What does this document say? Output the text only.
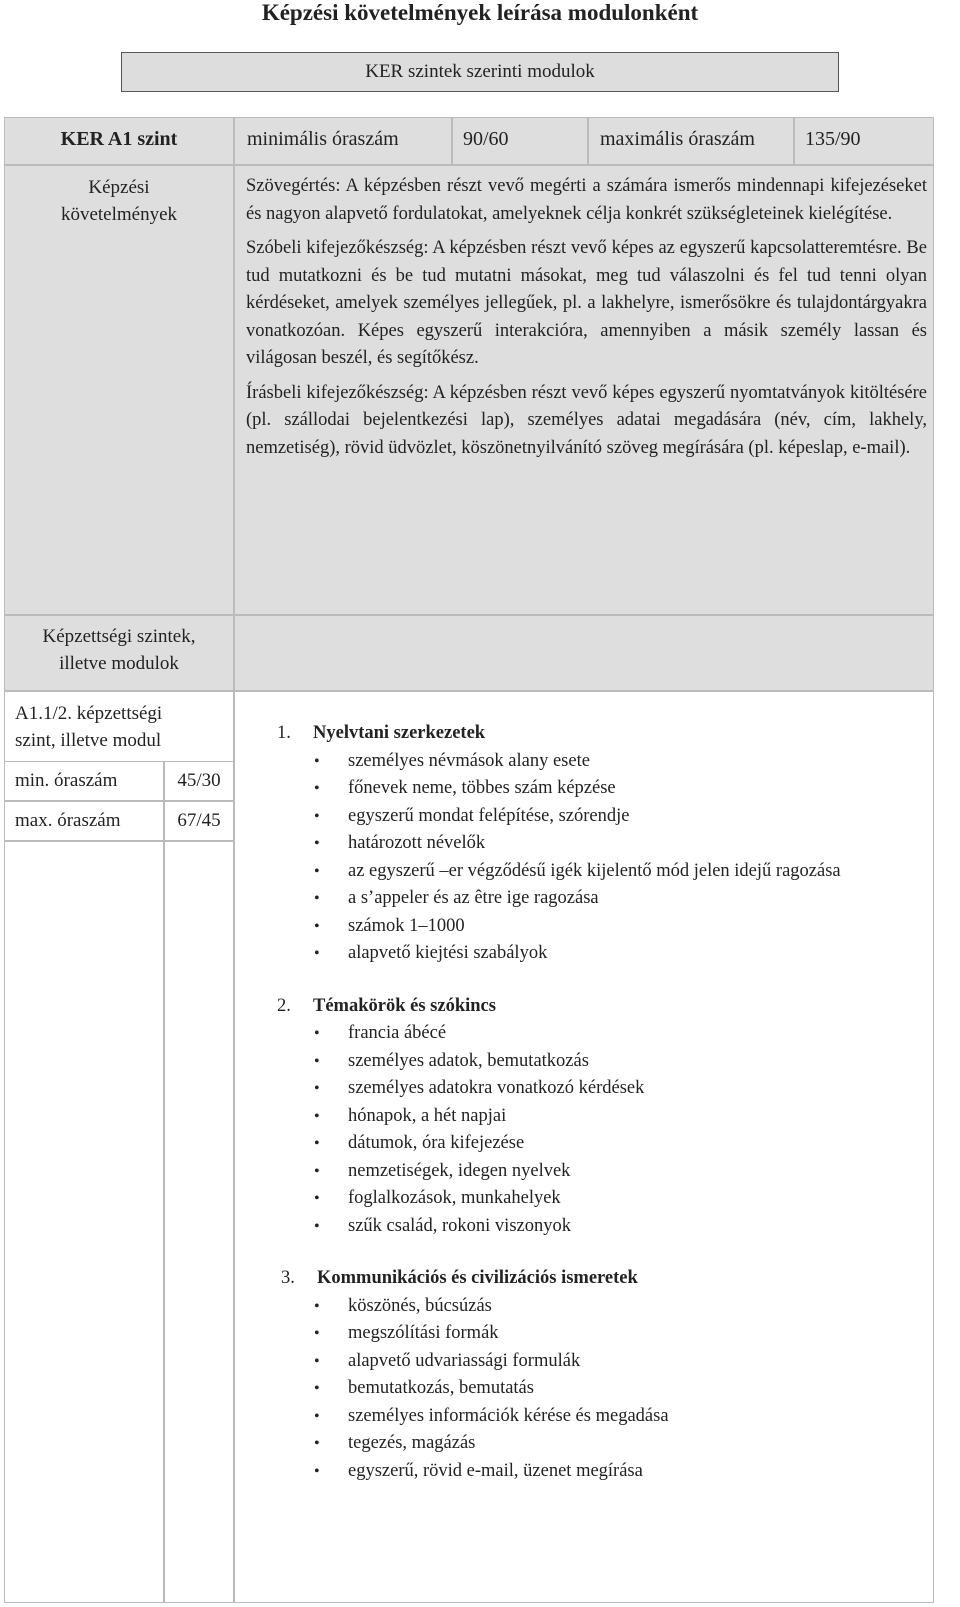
Képzési követelmények leírása modulonként
KER szintek szerinti modulok
KER A1 szint	minimális óraszám	90/60	maximális óraszám	135/90
Képzési
követelmények

Szövegértés: A képzésben részt vevő megérti a számára ismerős mindennapi kifejezéseket és nagyon alapvető fordulatokat, amelyeknek célja konkrét szükségleteinek kielégítése.

Szóbeli kifejezőkészség: A képzésben részt vevő képes az egyszerű kapcsolatteremtésre. Be tud mutatkozni és be tud mutatni másokat, meg tud válaszolni és fel tud tenni olyan kérdéseket, amelyek személyes jellegűek, pl. a lakhelyre, ismerősökre és tulajdontárgyakra vonatkozóan. Képes egyszerű interakcióra, amennyiben a másik személy lassan és világosan beszél, és segítőkész.

Írásbeli kifejezőkészség: A képzésben részt vevő képes egyszerű nyomtatványok kitöltésére (pl. szállodai bejelentkezési lap), személyes adatai megadására (név, cím, lakhely, nemzetiség), rövid üdvözlet, köszönetnyilvánító szöveg megírására (pl. képeslap, e-mail).

Képzettségi szintek,
illetve modulok
A1.1/2. képzettségi
szint, illetve modul
min. óraszám	45/30
max. óraszám	67/45
1. Nyelvtani szerkezetek
• személyes névmások alany esete
• főnevek neme, többes szám képzése
• egyszerű mondat felépítése, szórendje
• határozott névelők
• az egyszerű –er végződésű igék kijelentő mód jelen idejű ragozása
• a s’appeler és az être ige ragozása
• számok 1–1000
• alapvető kiejtési szabályok
2. Témakörök és szókincs
• francia ábécé
• személyes adatok, bemutatkozás
• személyes adatokra vonatkozó kérdések
• hónapok, a hét napjai
• dátumok, óra kifejezése
• nemzetiségek, idegen nyelvek
• foglalkozások, munkahelyek
• szűk család, rokoni viszonyok
3. Kommunikációs és civilizációs ismeretek
• köszönés, búcsúzás
• megszólítási formák
• alapvető udvariassági formulák
• bemutatkozás, bemutatás
• személyes információk kérése és megadása
• tegezés, magázás
• egyszerű, rövid e-mail, üzenet megírása
